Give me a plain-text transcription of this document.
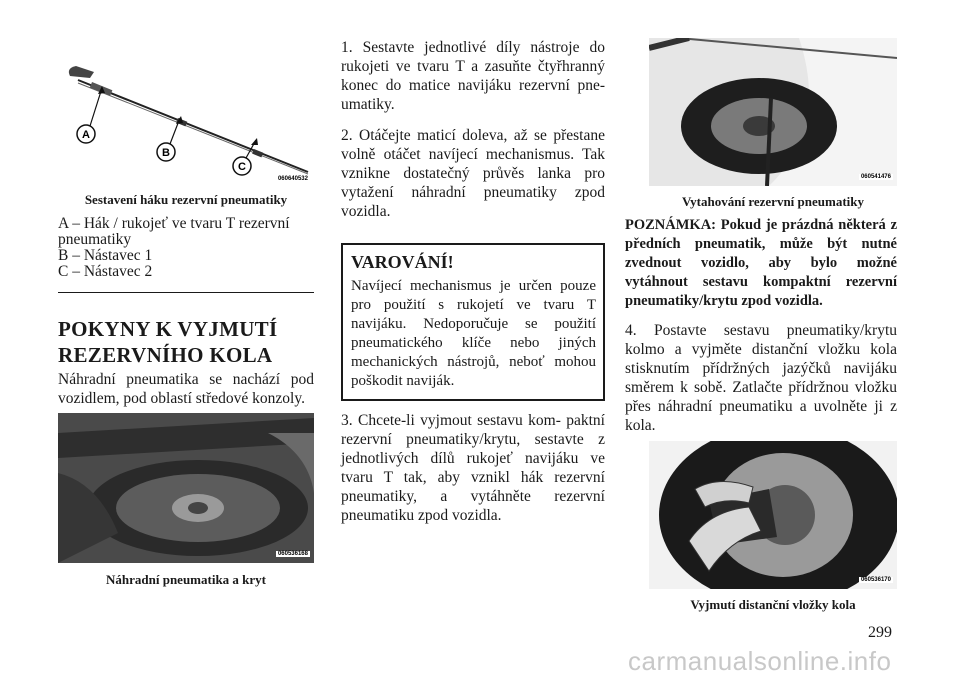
A
B
C
060640532
Sestavení háku rezervní pneumatiky
A – Hák / rukojeť ve tvaru T rezervní pneumatiky
B – Nástavec 1
C – Nástavec 2
POKYNY K VYJMUTÍ REZERVNÍHO KOLA
Náhradní pneumatika se nachází pod vozidlem, pod oblastí středové konzoly.
060536168
Náhradní pneumatika a kryt
1. Sestavte jednotlivé díly nástroje do rukojeti ve tvaru T a zasuňte čtyřhranný konec do matice navijáku rezervní pne- umatiky.
2. Otáčejte maticí doleva, až se přestane volně otáčet navíjecí mechanismus. Tak vznikne dostatečný průvěs lanka pro vytažení náhradní pneumatiky zpod vozidla.
VAROVÁNÍ!
Navíjecí mechanismus je určen pouze pro použití s rukojetí ve tvaru T navijáku. Nedoporučuje se použití pneumatického klíče nebo jiných mechanických nástrojů, neboť mohou poškodit naviják.
3. Chcete-li vyjmout sestavu kom- paktní rezervní pneumatiky/krytu, sestavte z jednotlivých dílů rukojeť navijáku ve tvaru T tak, aby vznikl hák rezervní pneumatiky, a vytáhněte rezervní pneumatiku zpod vozidla.
060541476
Vytahování rezervní pneumatiky
POZNÁMKA: Pokud je prázdná některá z předních pneumatik, může být nutné zvednout vozidlo, aby bylo možné vytáhnout sestavu kompaktní rezervní pneumatiky/krytu zpod vozidla.
4. Postavte sestavu pneumatiky/krytu kolmo a vyjměte distanční vložku kola stisknutím přídržných jazýčků navijáku směrem k sobě. Zatlačte přídržnou vložku přes náhradní pneumatiku a uvolněte ji z kola.
060536170
Vyjmutí distanční vložky kola
299
carmanualsonline.info
